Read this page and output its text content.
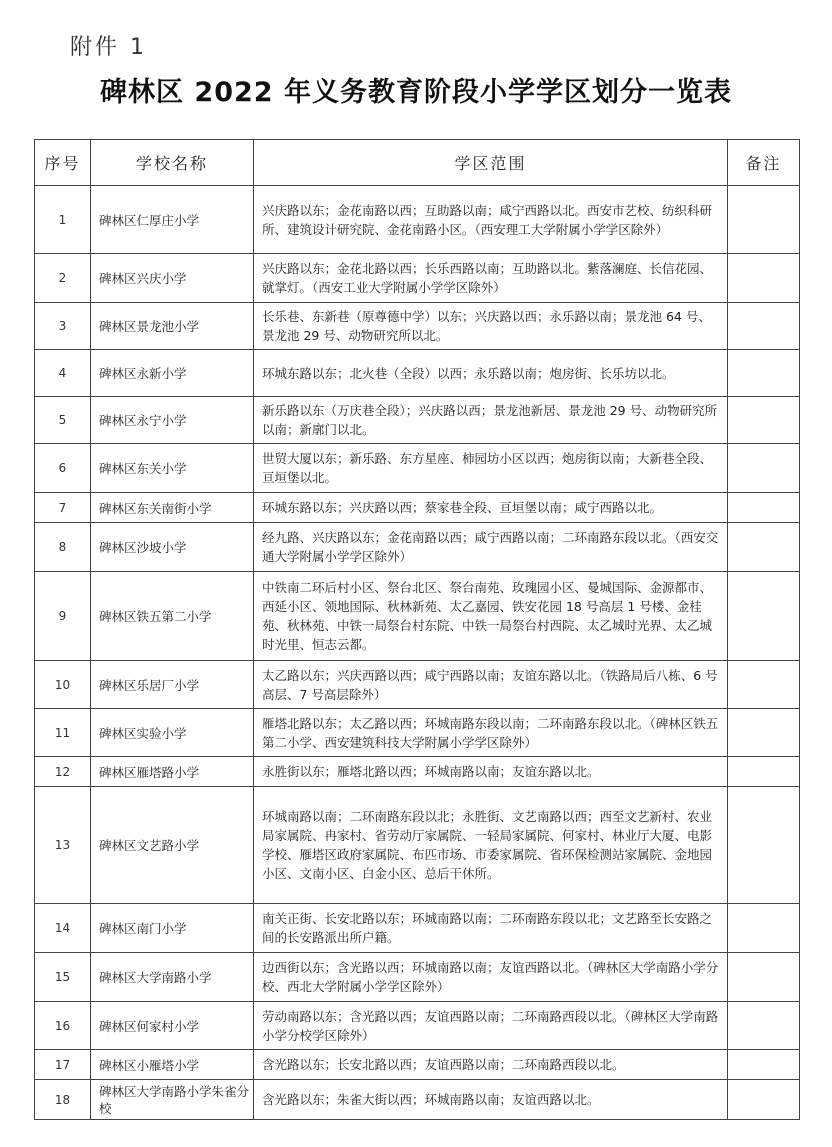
附件 1
碑林区 2022 年义务教育阶段小学学区划分一览表
序号	学校名称	学区范围	备注
1	碑林区仁厚庄小学	兴庆路以东；金花南路以西；互助路以南；咸宁西路以北。西安市艺校、纺织科研所、建筑设计研究院、金花南路小区。（西安理工大学附属小学学区除外）	
2	碑林区兴庆小学	兴庆路以东；金花北路以西；长乐西路以南；互助路以北。紫落澜庭、长信花园、就掌灯。（西安工业大学附属小学学区除外）	
3	碑林区景龙池小学	长乐巷、东新巷（原尊德中学）以东；兴庆路以西；永乐路以南；景龙池 64 号、景龙池 29 号、动物研究所以北。	
4	碑林区永新小学	环城东路以东；北火巷（全段）以西；永乐路以南；炮房街、长乐坊以北。	
5	碑林区永宁小学	新乐路以东（万庆巷全段）；兴庆路以西；景龙池新居、景龙池 29 号、动物研究所以南；新廓门以北。	
6	碑林区东关小学	世贸大厦以东；新乐路、东方星座、柿园坊小区以西；炮房街以南；大新巷全段、亘垣堡以北。	
7	碑林区东关南街小学	环城东路以东；兴庆路以西；蔡家巷全段、亘垣堡以南；咸宁西路以北。	
8	碑林区沙坡小学	经九路、兴庆路以东；金花南路以西；咸宁西路以南；二环南路东段以北。（西安交通大学附属小学学区除外）	
9	碑林区铁五第二小学	中铁南二环后村小区、祭台北区、祭台南苑、玫瑰园小区、曼城国际、金源都市、西延小区、领地国际、秋林新苑、太乙嘉园、铁安花园 18 号高层 1 号楼、金桂苑、秋林苑、中铁一局祭台村东院、中铁一局祭台村西院、太乙城时光界、太乙城时光里、恒志云都。	
10	碑林区乐居厂小学	太乙路以东；兴庆西路以西；咸宁西路以南；友谊东路以北。（铁路局后八栋、6 号高层、7 号高层除外）	
11	碑林区实验小学	雁塔北路以东；太乙路以西；环城南路东段以南；二环南路东段以北。（碑林区铁五第二小学、西安建筑科技大学附属小学学区除外）	
12	碑林区雁塔路小学	永胜街以东；雁塔北路以西；环城南路以南；友谊东路以北。	
13	碑林区文艺路小学	环城南路以南；二环南路东段以北；永胜街、文艺南路以西；西至文艺新村、农业局家属院、冉家村、省劳动厅家属院、一轻局家属院、何家村、林业厅大厦、电影学校、雁塔区政府家属院、布匹市场、市委家属院、省环保检测站家属院、金地园小区、文南小区、白金小区、总后干休所。	
14	碑林区南门小学	南关正街、长安北路以东；环城南路以南；二环南路东段以北；文艺路至长安路之间的长安路派出所户籍。	
15	碑林区大学南路小学	边西街以东；含光路以西；环城南路以南；友谊西路以北。（碑林区大学南路小学分校、西北大学附属小学学区除外）	
16	碑林区何家村小学	劳动南路以东；含光路以西；友谊西路以南；二环南路西段以北。（碑林区大学南路小学分校学区除外）	
17	碑林区小雁塔小学	含光路以东；长安北路以西；友谊西路以南；二环南路西段以北。	
18	碑林区大学南路小学朱雀分校	含光路以东；朱雀大街以西；环城南路以南；友谊西路以北。	
